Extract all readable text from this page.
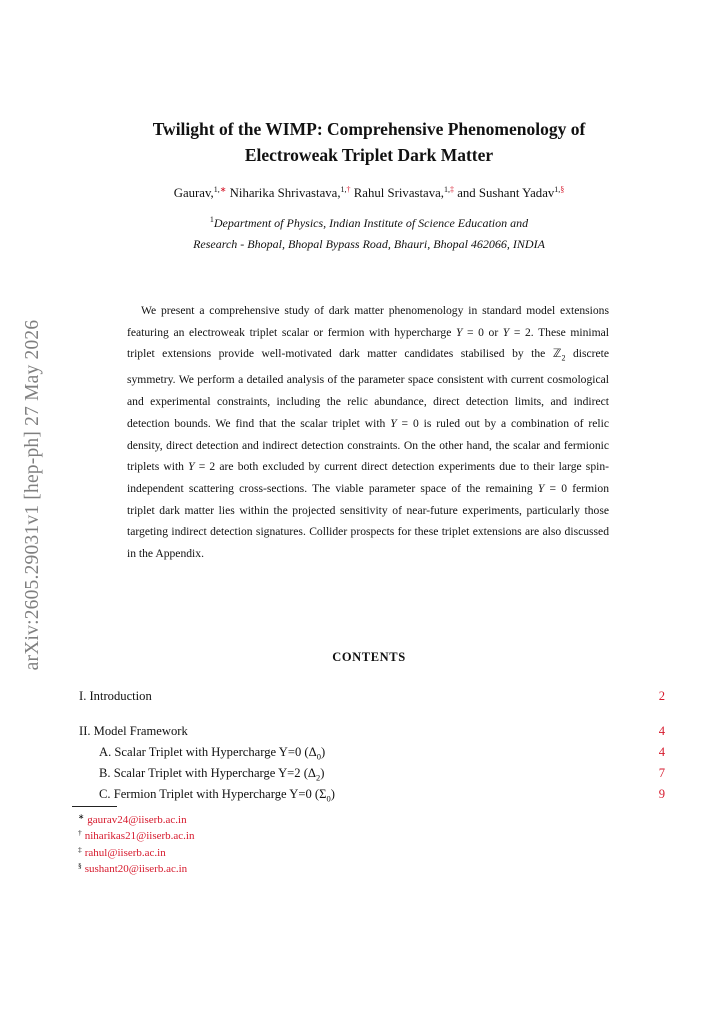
arXiv:2605.29031v1 [hep-ph] 27 May 2026
Twilight of the WIMP: Comprehensive Phenomenology of
Electroweak Triplet Dark Matter
Gaurav,$^{1,∗}$ Niharika Shrivastava,$^{1,\dagger}$ Rahul Srivastava,$^{1,\ddagger}$ and Sushant Yadav$^{1,\S}$
$^1$Department of Physics, Indian Institute of Science Education and
Research - Bhopal, Bhopal Bypass Road, Bhauri, Bhopal 462066, INDIA
We present a comprehensive study of dark matter phenomenology in standard model extensions featuring an electroweak triplet scalar or fermion with hypercharge Y = 0 or Y = 2. These minimal triplet extensions provide well-motivated dark matter candidates stabilised by the ℤ$_2$ discrete symmetry. We perform a detailed analysis of the parameter space consistent with current cosmological and experimental constraints, including the relic abundance, direct detection limits, and indirect detection bounds. We find that the scalar triplet with Y = 0 is ruled out by a combination of relic density, direct detection and indirect detection constraints. On the other hand, the scalar and fermionic triplets with Y = 2 are both excluded by current direct detection experiments due to their large spin-independent scattering cross-sections. The viable parameter space of the remaining Y = 0 fermion triplet dark matter lies within the projected sensitivity of near-future experiments, particularly those targeting indirect detection signatures. Collider prospects for these triplet extensions are also discussed in the Appendix.
CONTENTS
I. Introduction	2
II. Model Framework	4
A. Scalar Triplet with Hypercharge Y=0 $(\Delta_0)$	4
B. Scalar Triplet with Hypercharge Y=2 $(\Delta_2)$	7
C. Fermion Triplet with Hypercharge Y=0 $(\Sigma_0)$	9
∗ gaurav24@iiserb.ac.in
† niharikas21@iiserb.ac.in
‡ rahul@iiserb.ac.in
§ sushant20@iiserb.ac.in
